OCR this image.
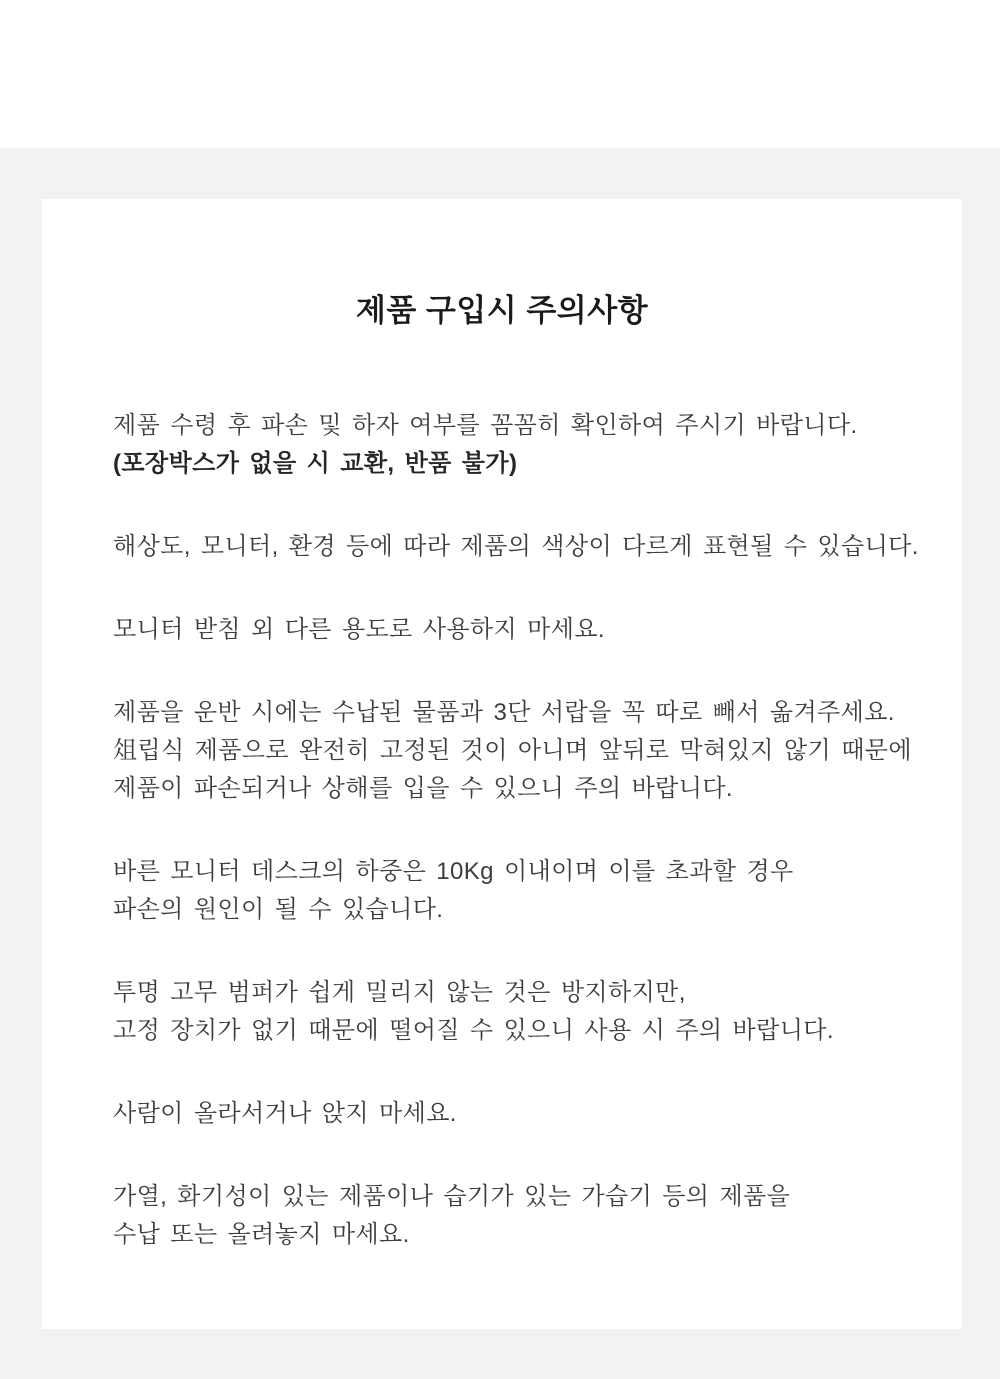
제품 구입시 주의사항

제품 수령 후 파손 및 하자 여부를 꼼꼼히 확인하여 주시기 바랍니다.
(포장박스가 없을 시 교환, 반품 불가)

해상도, 모니터, 환경 등에 따라 제품의 색상이 다르게 표현될 수 있습니다.

모니터 받침 외 다른 용도로 사용하지 마세요.

제품을 운반 시에는 수납된 물품과 3단 서랍을 꼭 따로 빼서 옮겨주세요.
俎립식 제품으로 완전히 고정된 것이 아니며 앞뒤로 막혀있지 않기 때문에
제품이 파손되거나 상해를 입을 수 있으니 주의 바랍니다.

바른 모니터 데스크의 하중은 10Kg 이내이며 이를 초과할 경우
파손의 원인이 될 수 있습니다.

투명 고무 범퍼가 쉽게 밀리지 않는 것은 방지하지만,
고정 장치가 없기 때문에 떨어질 수 있으니 사용 시 주의 바랍니다.

사람이 올라서거나 앉지 마세요.

가열, 화기성이 있는 제품이나 습기가 있는 가습기 등의 제품을
수납 또는 올려놓지 마세요.
